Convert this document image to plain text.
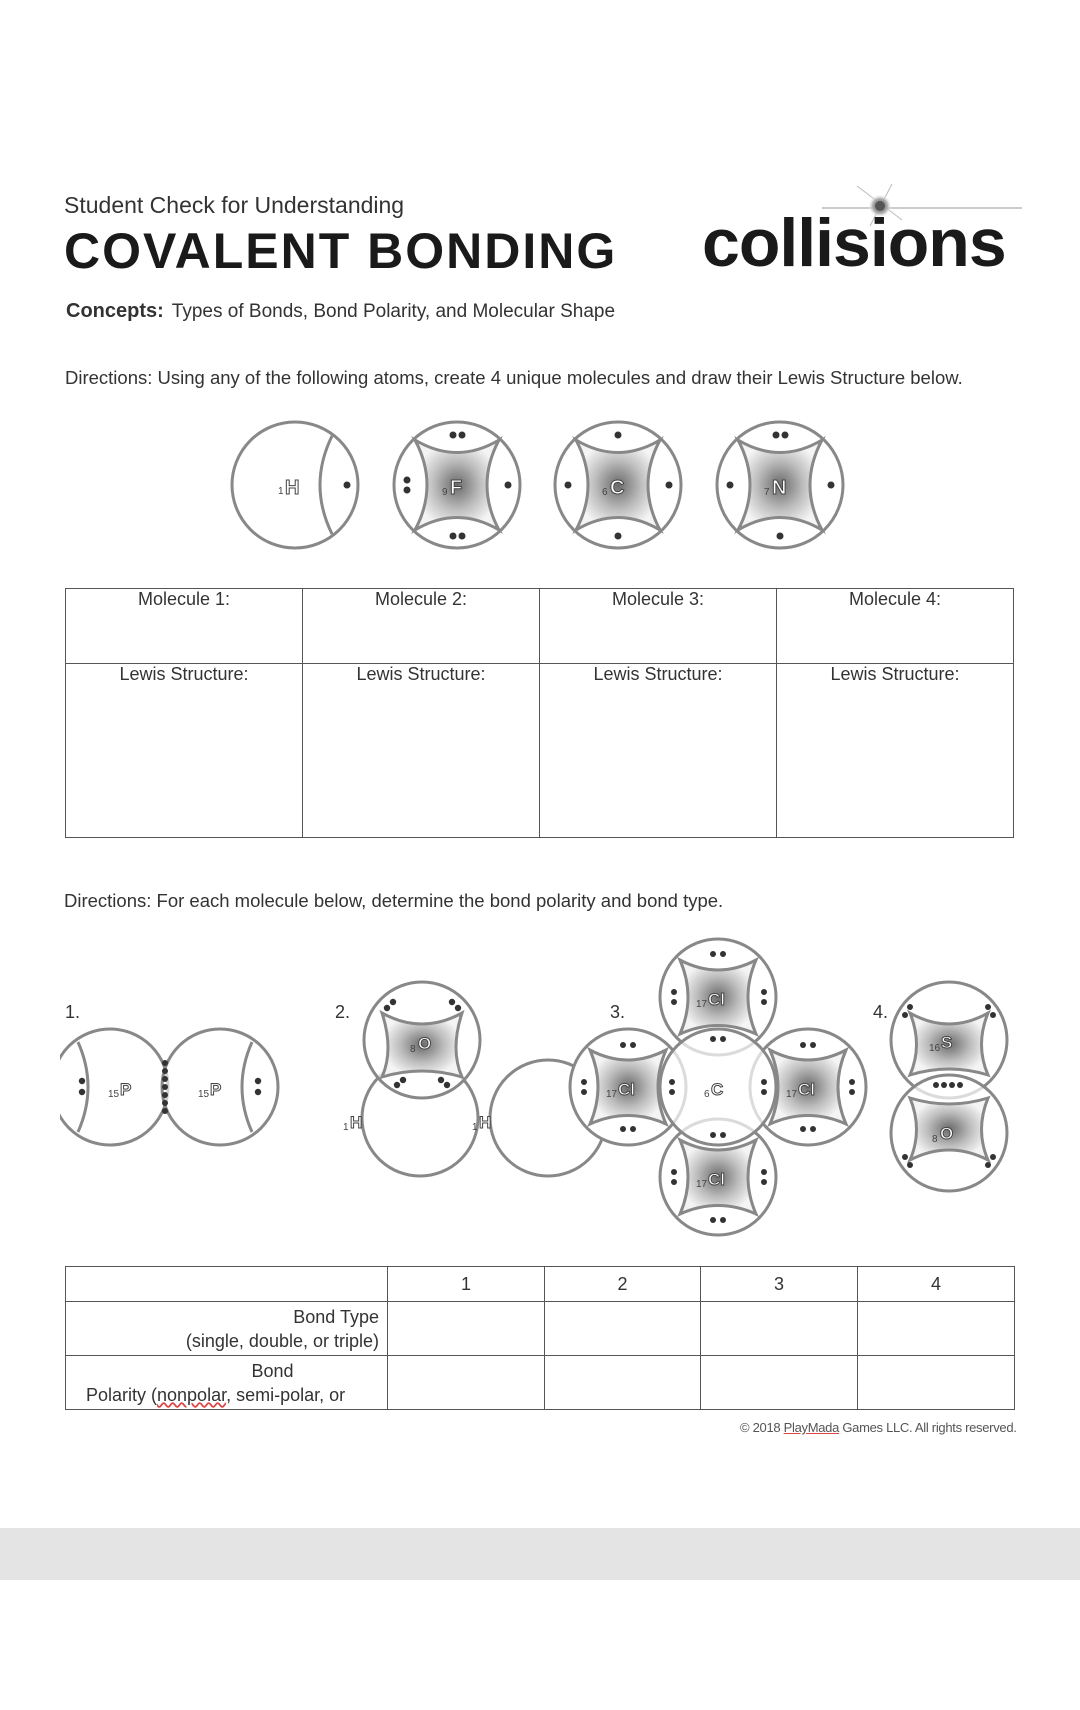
Student Check for Understanding
COVALENT BONDING collisions
Concepts: Types of Bonds, Bond Polarity, and Molecular Shape
Directions: Using any of the following atoms, create 4 unique molecules and draw their Lewis Structure below.
1 H	9 F	6 C	7 N
Molecule 1:	Molecule 2:	Molecule 3:	Molecule 4:
Lewis Structure:	Lewis Structure:	Lewis Structure:	Lewis Structure:
Directions: For each molecule below, determine the bond polarity and bond type.
1.	2.	3.	4.
15 P	15 P
8 O
1 H	1 H
17 Cl
17 Cl	6 C	17 Cl
17 Cl
16 S
8 O
	1	2	3	4

Bond Type
(single, double, or triple)				

Bond
Polarity (nonpolar, semi-polar, or				

© 2018 PlayMada Games LLC. All rights reserved.
